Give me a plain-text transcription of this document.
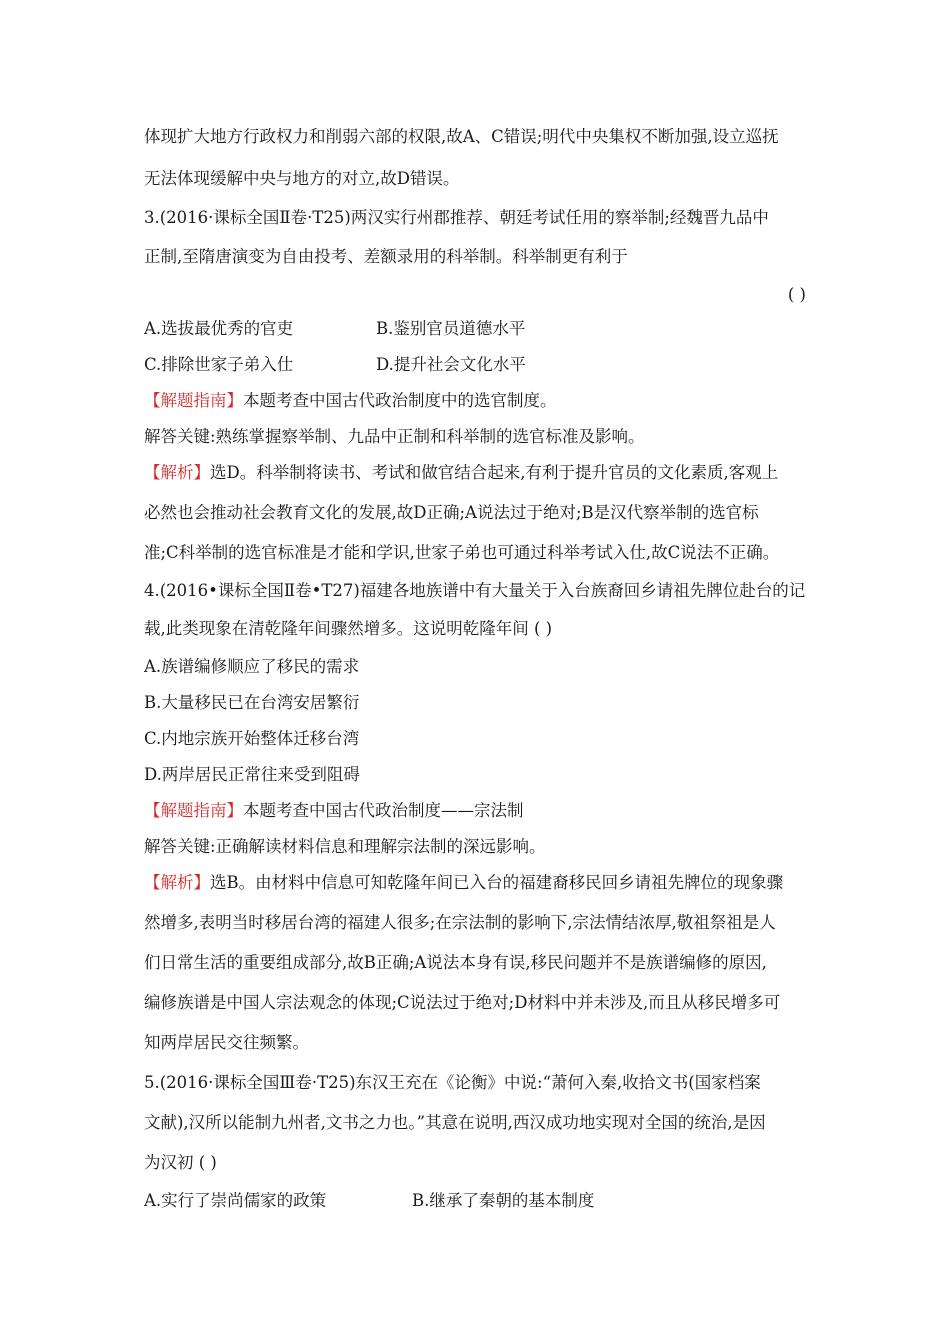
体现扩大地方行政权力和削弱六部的权限,故A、C错误;明代中央集权不断加强,设立巡抚
无法体现缓解中央与地方的对立,故D错误。
3.(2016·课标全国Ⅱ卷·T25)两汉实行州郡推荐、朝廷考试任用的察举制;经魏晋九品中
正制,至隋唐演变为自由投考、差额录用的科举制。科举制更有利于
( )
A.选拔最优秀的官吏	B.鉴别官员道德水平
C.排除世家子弟入仕	D.提升社会文化水平
【解题指南】本题考查中国古代政治制度中的选官制度。
解答关键:熟练掌握察举制、九品中正制和科举制的选官标准及影响。
【解析】选D。科举制将读书、考试和做官结合起来,有利于提升官员的文化素质,客观上
必然也会推动社会教育文化的发展,故D正确;A说法过于绝对;B是汉代察举制的选官标
准;C科举制的选官标准是才能和学识,世家子弟也可通过科举考试入仕,故C说法不正确。
4.(2016•课标全国Ⅱ卷•T27)福建各地族谱中有大量关于入台族裔回乡请祖先牌位赴台的记
载,此类现象在清乾隆年间骤然增多。这说明乾隆年间 ( )
A.族谱编修顺应了移民的需求
B.大量移民已在台湾安居繁衍
C.内地宗族开始整体迁移台湾
D.两岸居民正常往来受到阻碍
【解题指南】本题考查中国古代政治制度——宗法制
解答关键:正确解读材料信息和理解宗法制的深远影响。
【解析】选B。由材料中信息可知乾隆年间已入台的福建裔移民回乡请祖先牌位的现象骤
然增多,表明当时移居台湾的福建人很多;在宗法制的影响下,宗法情结浓厚,敬祖祭祖是人
们日常生活的重要组成部分,故B正确;A说法本身有误,移民问题并不是族谱编修的原因,
编修族谱是中国人宗法观念的体现;C说法过于绝对;D材料中并未涉及,而且从移民增多可
知两岸居民交往频繁。
5.(2016·课标全国Ⅲ卷·T25)东汉王充在《论衡》中说:“萧何入秦,收拾文书(国家档案
文献),汉所以能制九州者,文书之力也。”其意在说明,西汉成功地实现对全国的统治,是因
为汉初 ( )
A.实行了崇尚儒家的政策	B.继承了秦朝的基本制度
